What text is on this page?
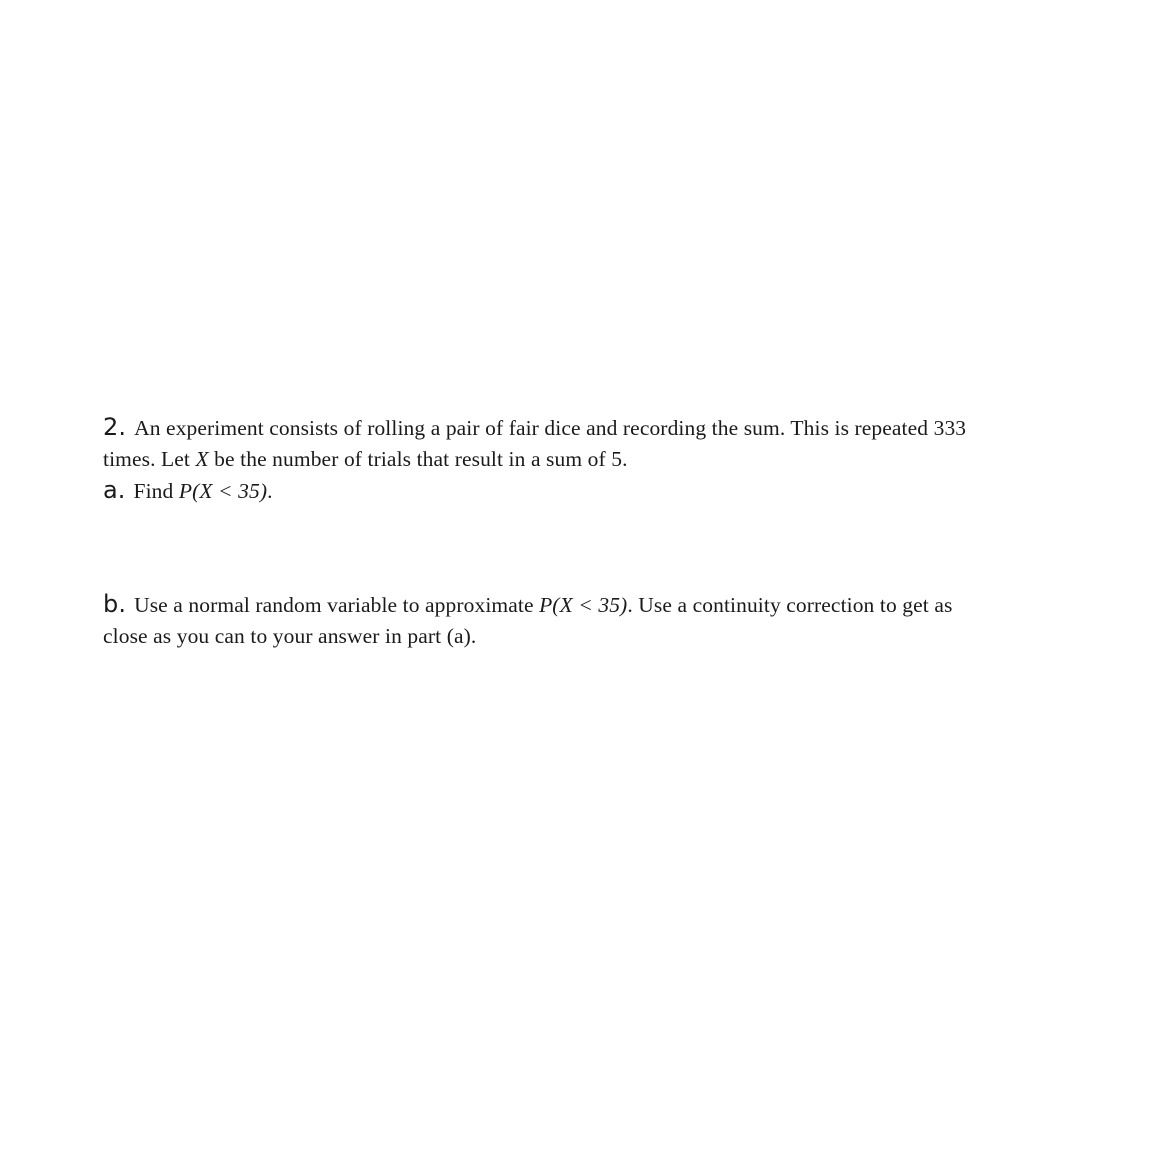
2. An experiment consists of rolling a pair of fair dice and recording the sum. This is repeated 333
times. Let X be the number of trials that result in a sum of 5.
a. Find P(X < 35).
b. Use a normal random variable to approximate P(X < 35). Use a continuity correction to get as
close as you can to your answer in part (a).
